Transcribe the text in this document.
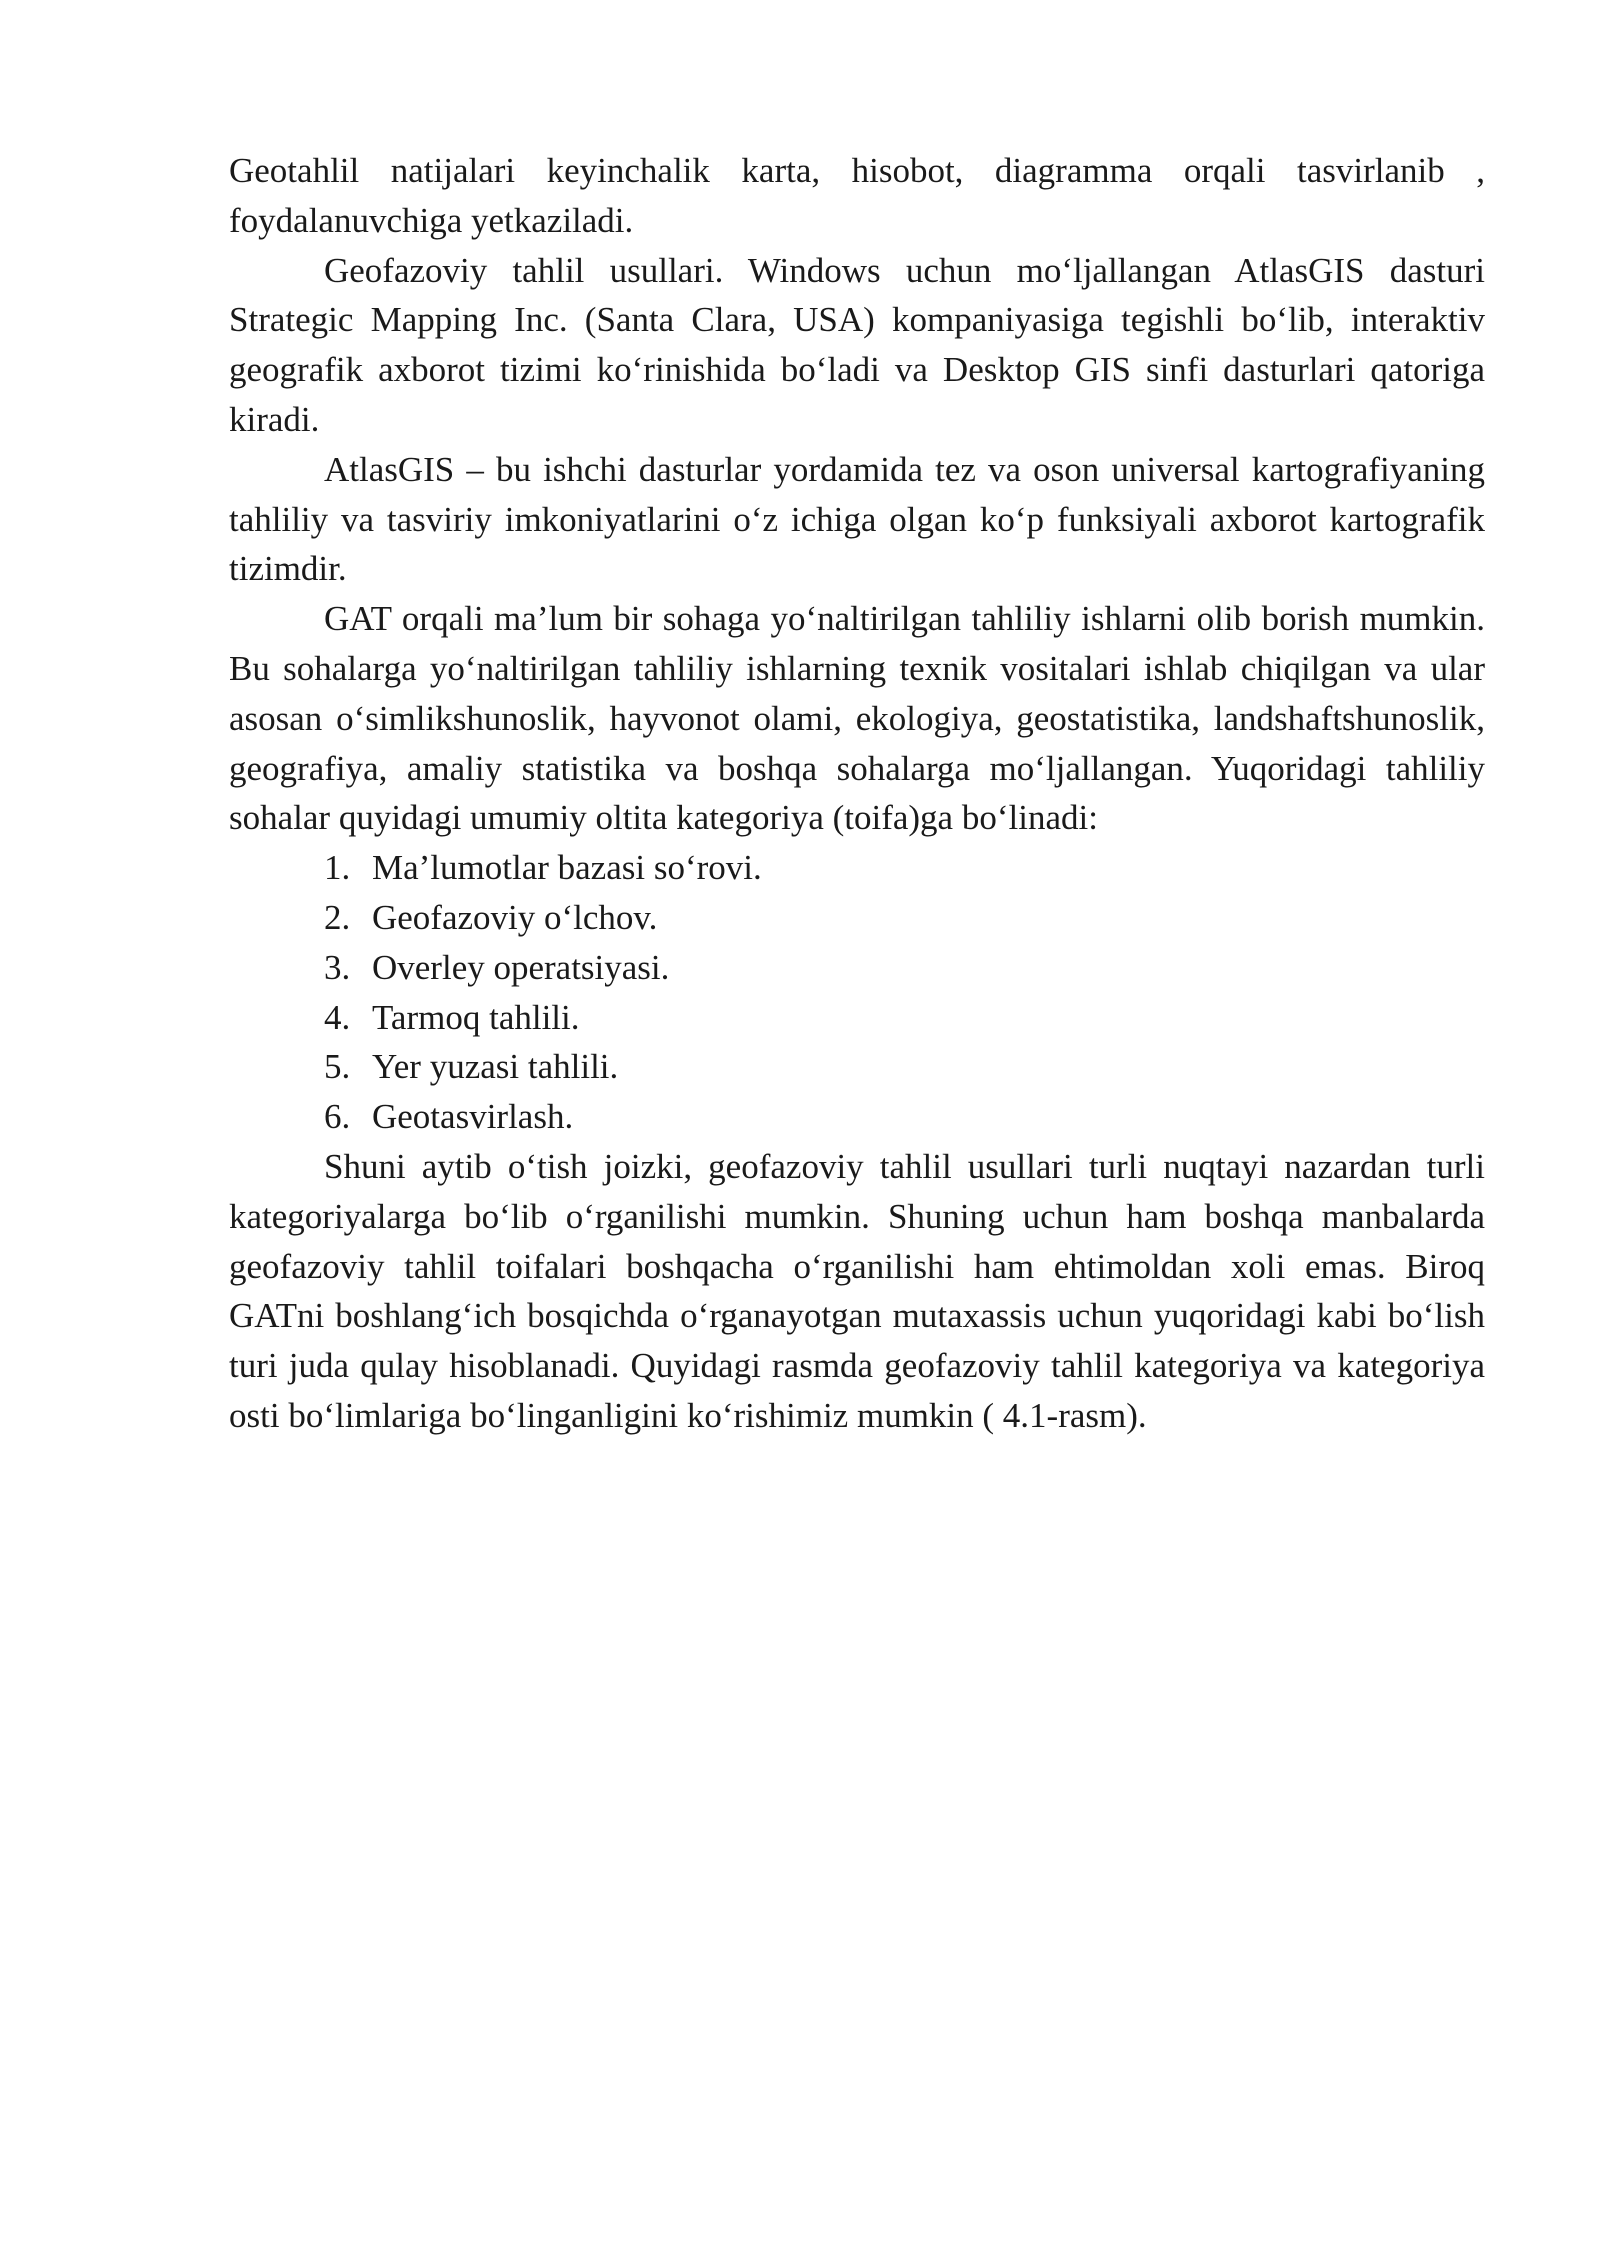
Geotahlil natijalari keyinchalik karta, hisobot, diagramma orqali tasvirlanib , foydalanuvchiga yetkaziladi.

Geofazoviy tahlil usullari. Windows uchun mo‘ljallangan AtlasGIS dasturi Strategic Mapping Inc. (Santa Clara, USA) kompaniyasiga tegishli bo‘lib, interaktiv geografik axborot tizimi ko‘rinishida bo‘ladi va Desktop GIS sinfi dasturlari qatoriga kiradi.

AtlasGIS – bu ishchi dasturlar yordamida tez va oson universal kartografiyaning tahliliy va tasviriy imkoniyatlarini o‘z ichiga olgan ko‘p funksiyali axborot kartografik tizimdir.

GAT orqali ma’lum bir sohaga yo‘naltirilgan tahliliy ishlarni olib borish mumkin. Bu sohalarga yo‘naltirilgan tahliliy ishlarning texnik vositalari ishlab chiqilgan va ular asosan o‘simlikshunoslik, hayvonot olami, ekologiya, geostatistika, landshaftshunoslik, geografiya, amaliy statistika va boshqa sohalarga mo‘ljallangan. Yuqoridagi tahliliy sohalar quyidagi umumiy oltita kategoriya (toifa)ga bo‘linadi:

1. Ma’lumotlar bazasi so‘rovi.
2. Geofazoviy o‘lchov.
3. Overley operatsiyasi.
4. Tarmoq tahlili.
5. Yer yuzasi tahlili.
6. Geotasvirlash.

Shuni aytib o‘tish joizki, geofazoviy tahlil usullari turli nuqtayi nazardan turli kategoriyalarga bo‘lib o‘rganilishi mumkin. Shuning uchun ham boshqa manbalarda geofazoviy tahlil toifalari boshqacha o‘rganilishi ham ehtimoldan xoli emas. Biroq GATni boshlang‘ich bosqichda o‘rganayotgan mutaxassis uchun yuqoridagi kabi bo‘lish turi juda qulay hisoblanadi. Quyidagi rasmda geofazoviy tahlil kategoriya va kategoriya osti bo‘limlariga bo‘linganligini ko‘rishimiz mumkin ( 4.1-rasm).
